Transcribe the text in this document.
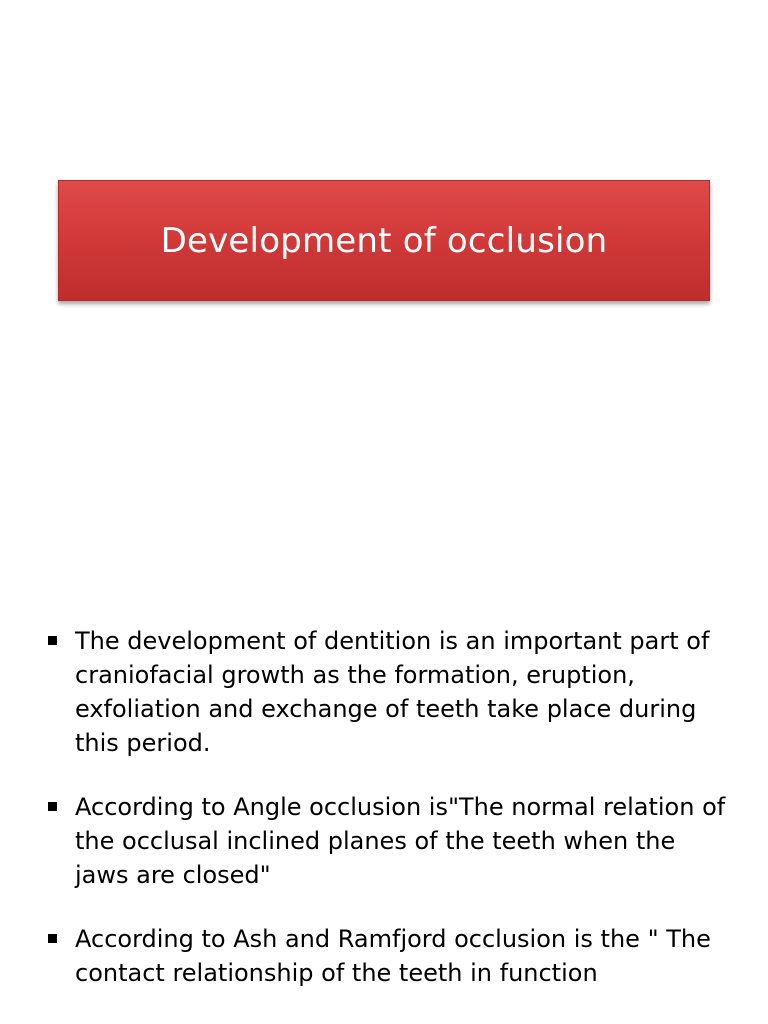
Development of occlusion
The development of dentition is an important part of craniofacial growth as the formation, eruption, exfoliation and exchange of teeth take place during this period.
According to Angle occlusion is"The normal relation of the occlusal inclined planes of the teeth when the jaws are closed"
According to Ash and Ramfjord occlusion is the " The contact relationship of the teeth in function
